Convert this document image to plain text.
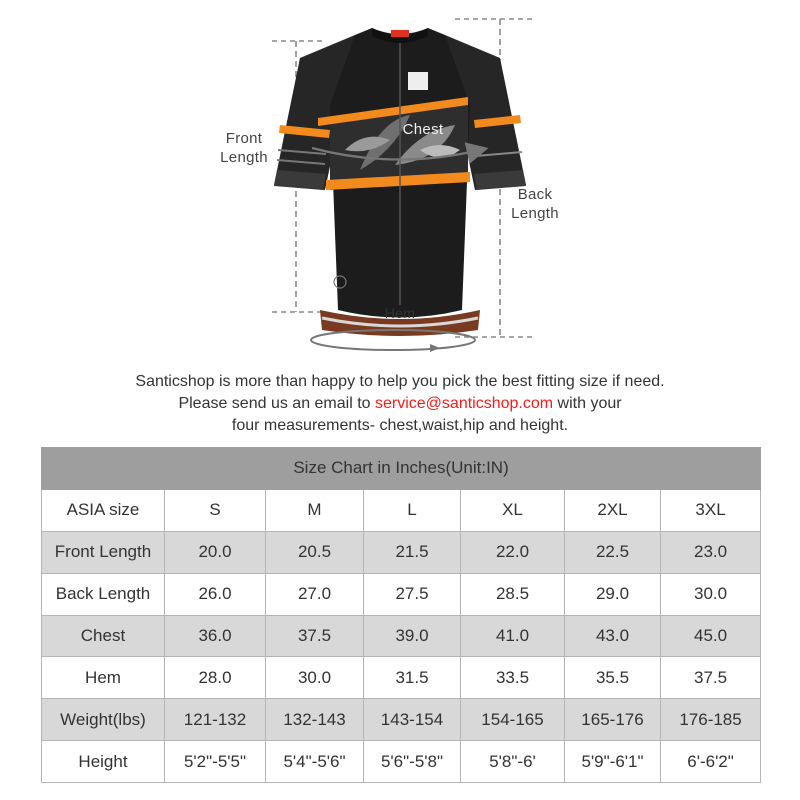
Front
Length
Back
Length
Chest
Hem
Santicshop is more than happy to help you pick the best fitting size if need.
Please send us an email to service@santicshop.com with your
four measurements- chest,waist,hip and height.
Size Chart in Inches(Unit:IN)						
ASIA size	S	M	L	XL	2XL	3XL
Front Length	20.0	20.5	21.5	22.0	22.5	23.0
Back Length	26.0	27.0	27.5	28.5	29.0	30.0
Chest	36.0	37.5	39.0	41.0	43.0	45.0
Hem	28.0	30.0	31.5	33.5	35.5	37.5
Weight(lbs)	121-132	132-143	143-154	154-165	165-176	176-185
Height	5'2"-5'5"	5'4"-5'6"	5'6"-5'8"	5'8"-6'	5'9"-6'1"	6'-6'2"
